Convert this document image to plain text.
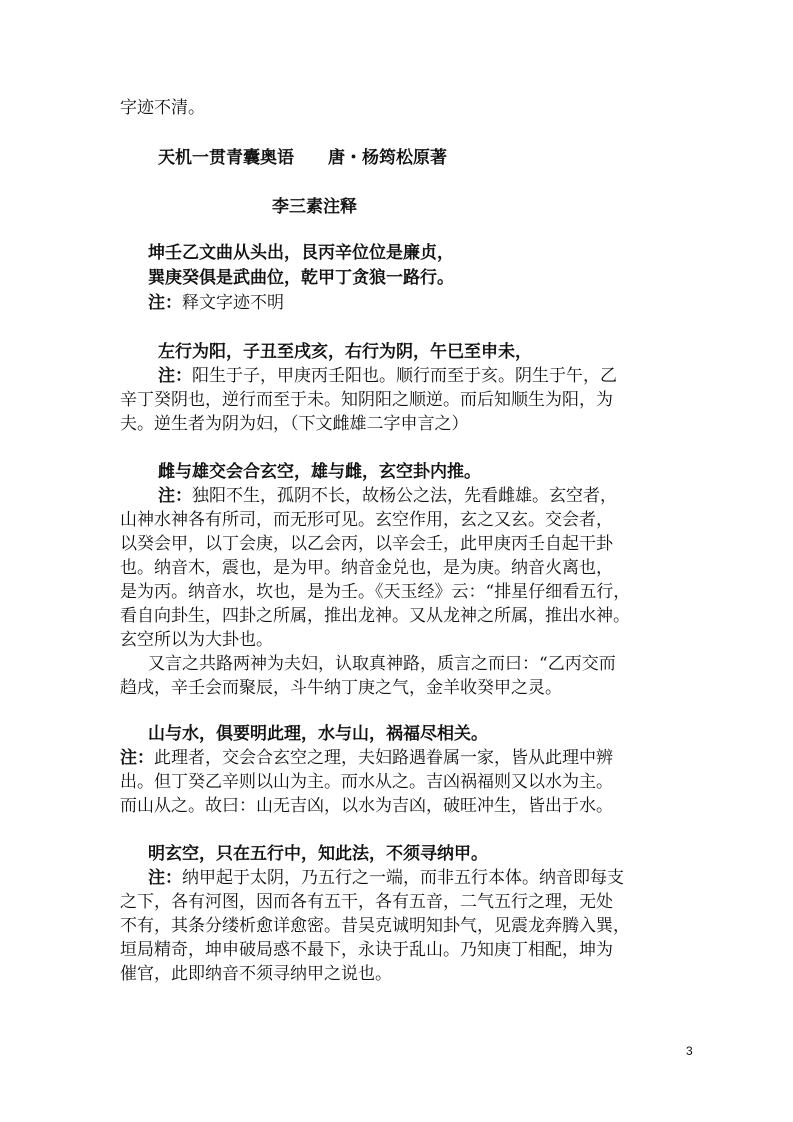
字迹不清。
天机一贯青囊奥语　　唐・杨筠松原著
李三素注释
坤壬乙文曲从头出，艮丙辛位位是廉贞，
巽庚癸俱是武曲位，乾甲丁贪狼一路行。
注：释文字迹不明
左行为阳，子丑至戌亥，右行为阴，午巳至申未，
注：阳生于子，甲庚丙壬阳也。顺行而至于亥。阴生于午，乙
辛丁癸阴也，逆行而至于未。知阴阳之顺逆。而后知顺生为阳，为
夫。逆生者为阴为妇，（下文雌雄二字申言之）
雌与雄交会合玄空，雄与雌，玄空卦内推。
注：独阳不生，孤阴不长，故杨公之法，先看雌雄。玄空者，
山神水神各有所司，而无形可见。玄空作用，玄之又玄。交会者，
以癸会甲，以丁会庚，以乙会丙，以辛会壬，此甲庚丙壬自起干卦
也。纳音木，震也，是为甲。纳音金兑也，是为庚。纳音火离也，
是为丙。纳音水，坎也，是为壬。《天玉经》云：“排星仔细看五行，
看自向卦生，四卦之所属，推出龙神。又从龙神之所属，推出水神。
玄空所以为大卦也。
又言之共路两神为夫妇，认取真神路，质言之而曰：“乙丙交而
趋戌，辛壬会而聚辰，斗牛纳丁庚之气，金羊收癸甲之灵。
山与水，俱要明此理，水与山，祸福尽相关。
注：此理者，交会合玄空之理，夫妇路遇眷属一家，皆从此理中辨
出。但丁癸乙辛则以山为主。而水从之。吉凶祸福则又以水为主。
而山从之。故曰：山无吉凶，以水为吉凶，破旺冲生，皆出于水。
明玄空，只在五行中，知此法，不须寻纳甲。
注：纳甲起于太阴，乃五行之一端，而非五行本体。纳音即每支
之下，各有河图，因而各有五干，各有五音，二气五行之理，无处
不有，其条分缕析愈详愈密。昔吴克诚明知卦气，见震龙奔腾入巽，
垣局精奇，坤申破局惑不最下，永诀于乱山。乃知庚丁相配，坤为
催官，此即纳音不须寻纳甲之说也。
3
